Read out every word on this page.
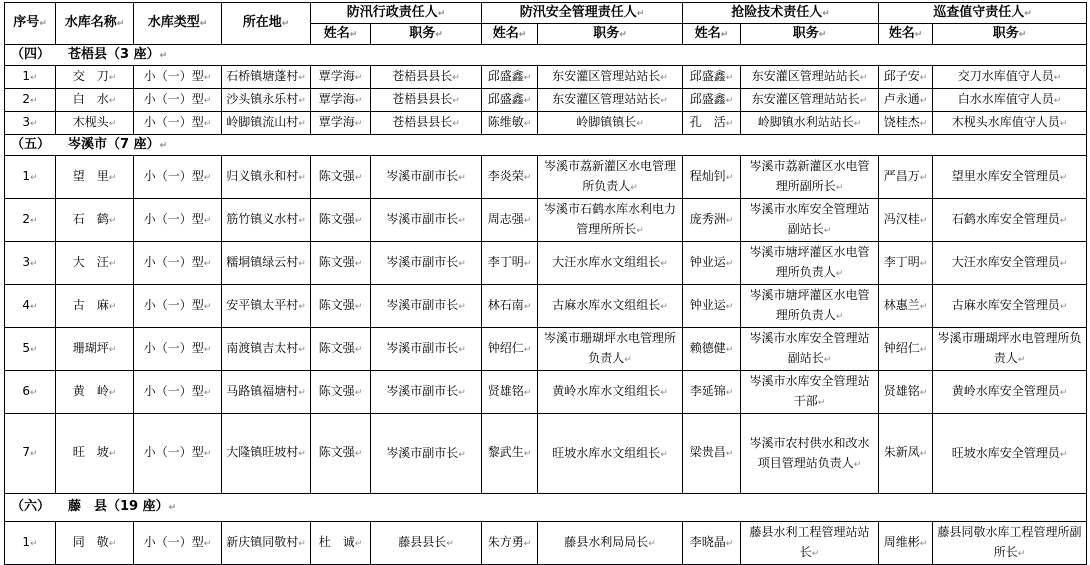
序号↵	水库名称↵	水库类型↵	所在地↵	防汛行政责任人↵		防汛安全管理责任人↵		抢险技术责任人↵		巡查值守责任人↵	
				姓名↵	职务↵	姓名↵	职务↵	姓名↵	职务↵	姓名↵	职务↵
（四） 苍梧县（3 座）↵											
1↵	交　刀↵	小（一）型↵	石桥镇塘蓬村↵	覃学海↵	苍梧县县长↵	邱盛鑫↵	东安灌区管理站站长↵	邱盛鑫↵	东安灌区管理站站长↵	邱子安↵	交刀水库值守人员↵
2↵	白　水↵	小（一）型↵	沙头镇永乐村↵	覃学海↵	苍梧县县长↵	邱盛鑫↵	东安灌区管理站站长↵	邱盛鑫↵	东安灌区管理站站长↵	卢永通↵	白水水库值守人员↵
3↵	木枧头↵	小（一）型↵	岭脚镇流山村↵	覃学海↵	苍梧县县长↵	陈维敏↵	岭脚镇镇长↵	孔　活↵	岭脚镇水利站站长↵	饶桂杰↵	木枧头水库值守人员↵
（五） 岑溪市（7 座）↵											
1↵	望　里↵	小（一）型↵	归义镇永和村↵	陈文强↵	岑溪市副市长↵	李炎荣↵	岑溪市荔新灌区水电管理所负责人↵	程灿钊↵	岑溪市荔新灌区水电管理所副所长↵	严昌万↵	望里水库安全管理员↵
2↵	石　鹤↵	小（一）型↵	筋竹镇义水村↵	陈文强↵	岑溪市副市长↵	周志强↵	岑溪市石鹤水库水利电力管理所所长↵	庞秀洲↵	岑溪市水库安全管理站副站长↵	冯汉桂↵	石鹤水库安全管理员↵
3↵	大　汪↵	小（一）型↵	糯垌镇绿云村↵	陈文强↵	岑溪市副市长↵	李丁明↵	大汪水库水文组组长↵	钟业运↵	岑溪市塘坪灌区水电管理所负责人↵	李丁明↵	大汪水库安全管理员↵
4↵	古　麻↵	小（一）型↵	安平镇太平村↵	陈文强↵	岑溪市副市长↵	林石南↵	古麻水库水文组组长↵	钟业运↵	岑溪市塘坪灌区水电管理所负责人↵	林惠兰↵	古麻水库安全管理员↵
5↵	珊瑚坪↵	小（一）型↵	南渡镇吉太村↵	陈文强↵	岑溪市副市长↵	钟绍仁↵	岑溪市珊瑚坪水电管理所负责人↵	赖德健↵	岑溪市水库安全管理站副站长↵	钟绍仁↵	岑溪市珊瑚坪水电管理所负责人↵
6↵	黄　岭↵	小（一）型↵	马路镇福塘村↵	陈文强↵	岑溪市副市长↵	贤雄铭↵	黄岭水库水文组组长↵	李延锦↵	岑溪市水库安全管理站干部↵	贤雄铭↵	黄岭水库安全管理员↵
7↵	旺　坡↵	小（一）型↵	大隆镇旺坡村↵	陈文强↵	岑溪市副市长↵	黎武生↵	旺坡水库水文组组长↵	梁贵昌↵	岑溪市农村供水和改水项目管理站负责人↵	朱新凤↵	旺坡水库安全管理员↵
（六） 藤　县（19 座）↵											
1↵	同　敬↵	小（一）型↵	新庆镇同敬村↵	杜　诚↵	藤县县长↵	朱方勇↵	藤县水利局局长↵	李晓晶↵	藤县水利工程管理站站长↵	周维彬↵	藤县同敬水库工程管理所副所长↵
